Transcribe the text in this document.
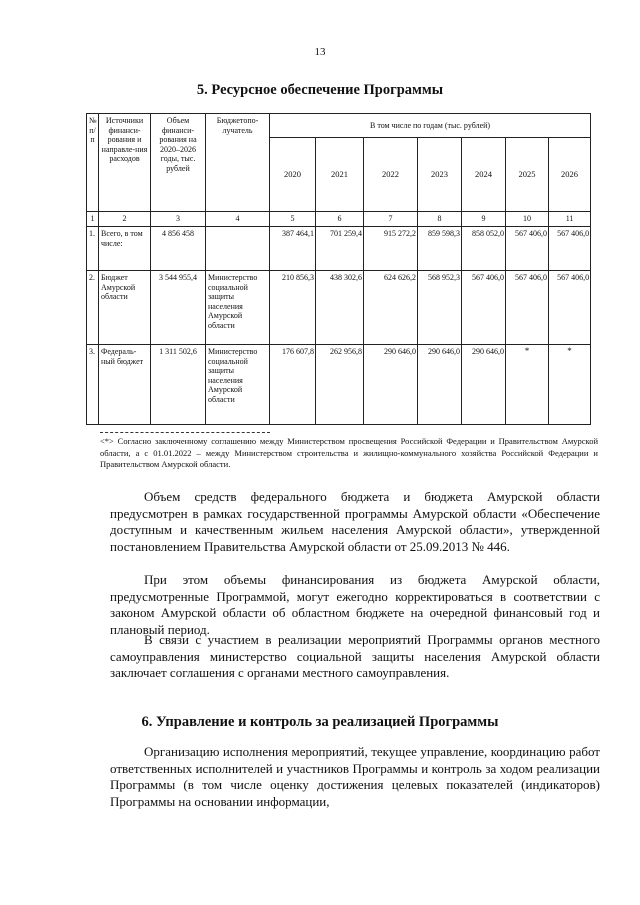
13
5. Ресурсное обеспечение Программы
№ п/п	Источники финанси-рования и направле-ния расходов	Объем финанси-рования на 2020–2026 годы, тыс. рублей	Бюджетопо-лучатель	В том числе по годам (тыс. рублей)						
				2020	2021	2022	2023	2024	2025	2026
1	2	3	4	5	6	7	8	9	10	11
1.	Всего, в том числе:	4 856 458		387 464,1	701 259,4	915 272,2	859 598,3	858 052,0	567 406,0	567 406,0
2.	Бюджет Амурской области	3 544 955,4	Министерство социальной защиты населения Амурской области	210 856,3	438 302,6	624 626,2	568 952,3	567 406,0	567 406,0	567 406,0
3.	Федераль-ный бюджет	1 311 502,6	Министерство социальной защиты населения Амурской области	176 607,8	262 956,8	290 646,0	290 646,0	290 646,0	*	*
<*> Согласно заключенному соглашению между Министерством просвещения Российской Федерации и Правительством Амурской области, а с 01.01.2022 – между Министерством строительства и жилищно-коммунального хозяйства Российской Федерации и Правительством Амурской области.

Объем средств федерального бюджета и бюджета Амурской области предусмотрен в рамках государственной программы Амурской области «Обеспечение доступным и качественным жильем населения Амурской области», утвержденной постановлением Правительства Амурской области от 25.09.2013 № 446.

При этом объемы финансирования из бюджета Амурской области, предусмотренные Программой, могут ежегодно корректироваться в соответствии с законом Амурской области об областном бюджете на очередной финансовый год и плановый период.

В связи с участием в реализации мероприятий Программы органов местного самоуправления министерство социальной защиты населения Амурской области заключает соглашения с органами местного самоуправления.

6. Управление и контроль за реализацией Программы

Организацию исполнения мероприятий, текущее управление, координацию работ ответственных исполнителей и участников Программы и контроль за ходом реализации Программы (в том числе оценку достижения целевых показателей (индикаторов) Программы на основании информации,
